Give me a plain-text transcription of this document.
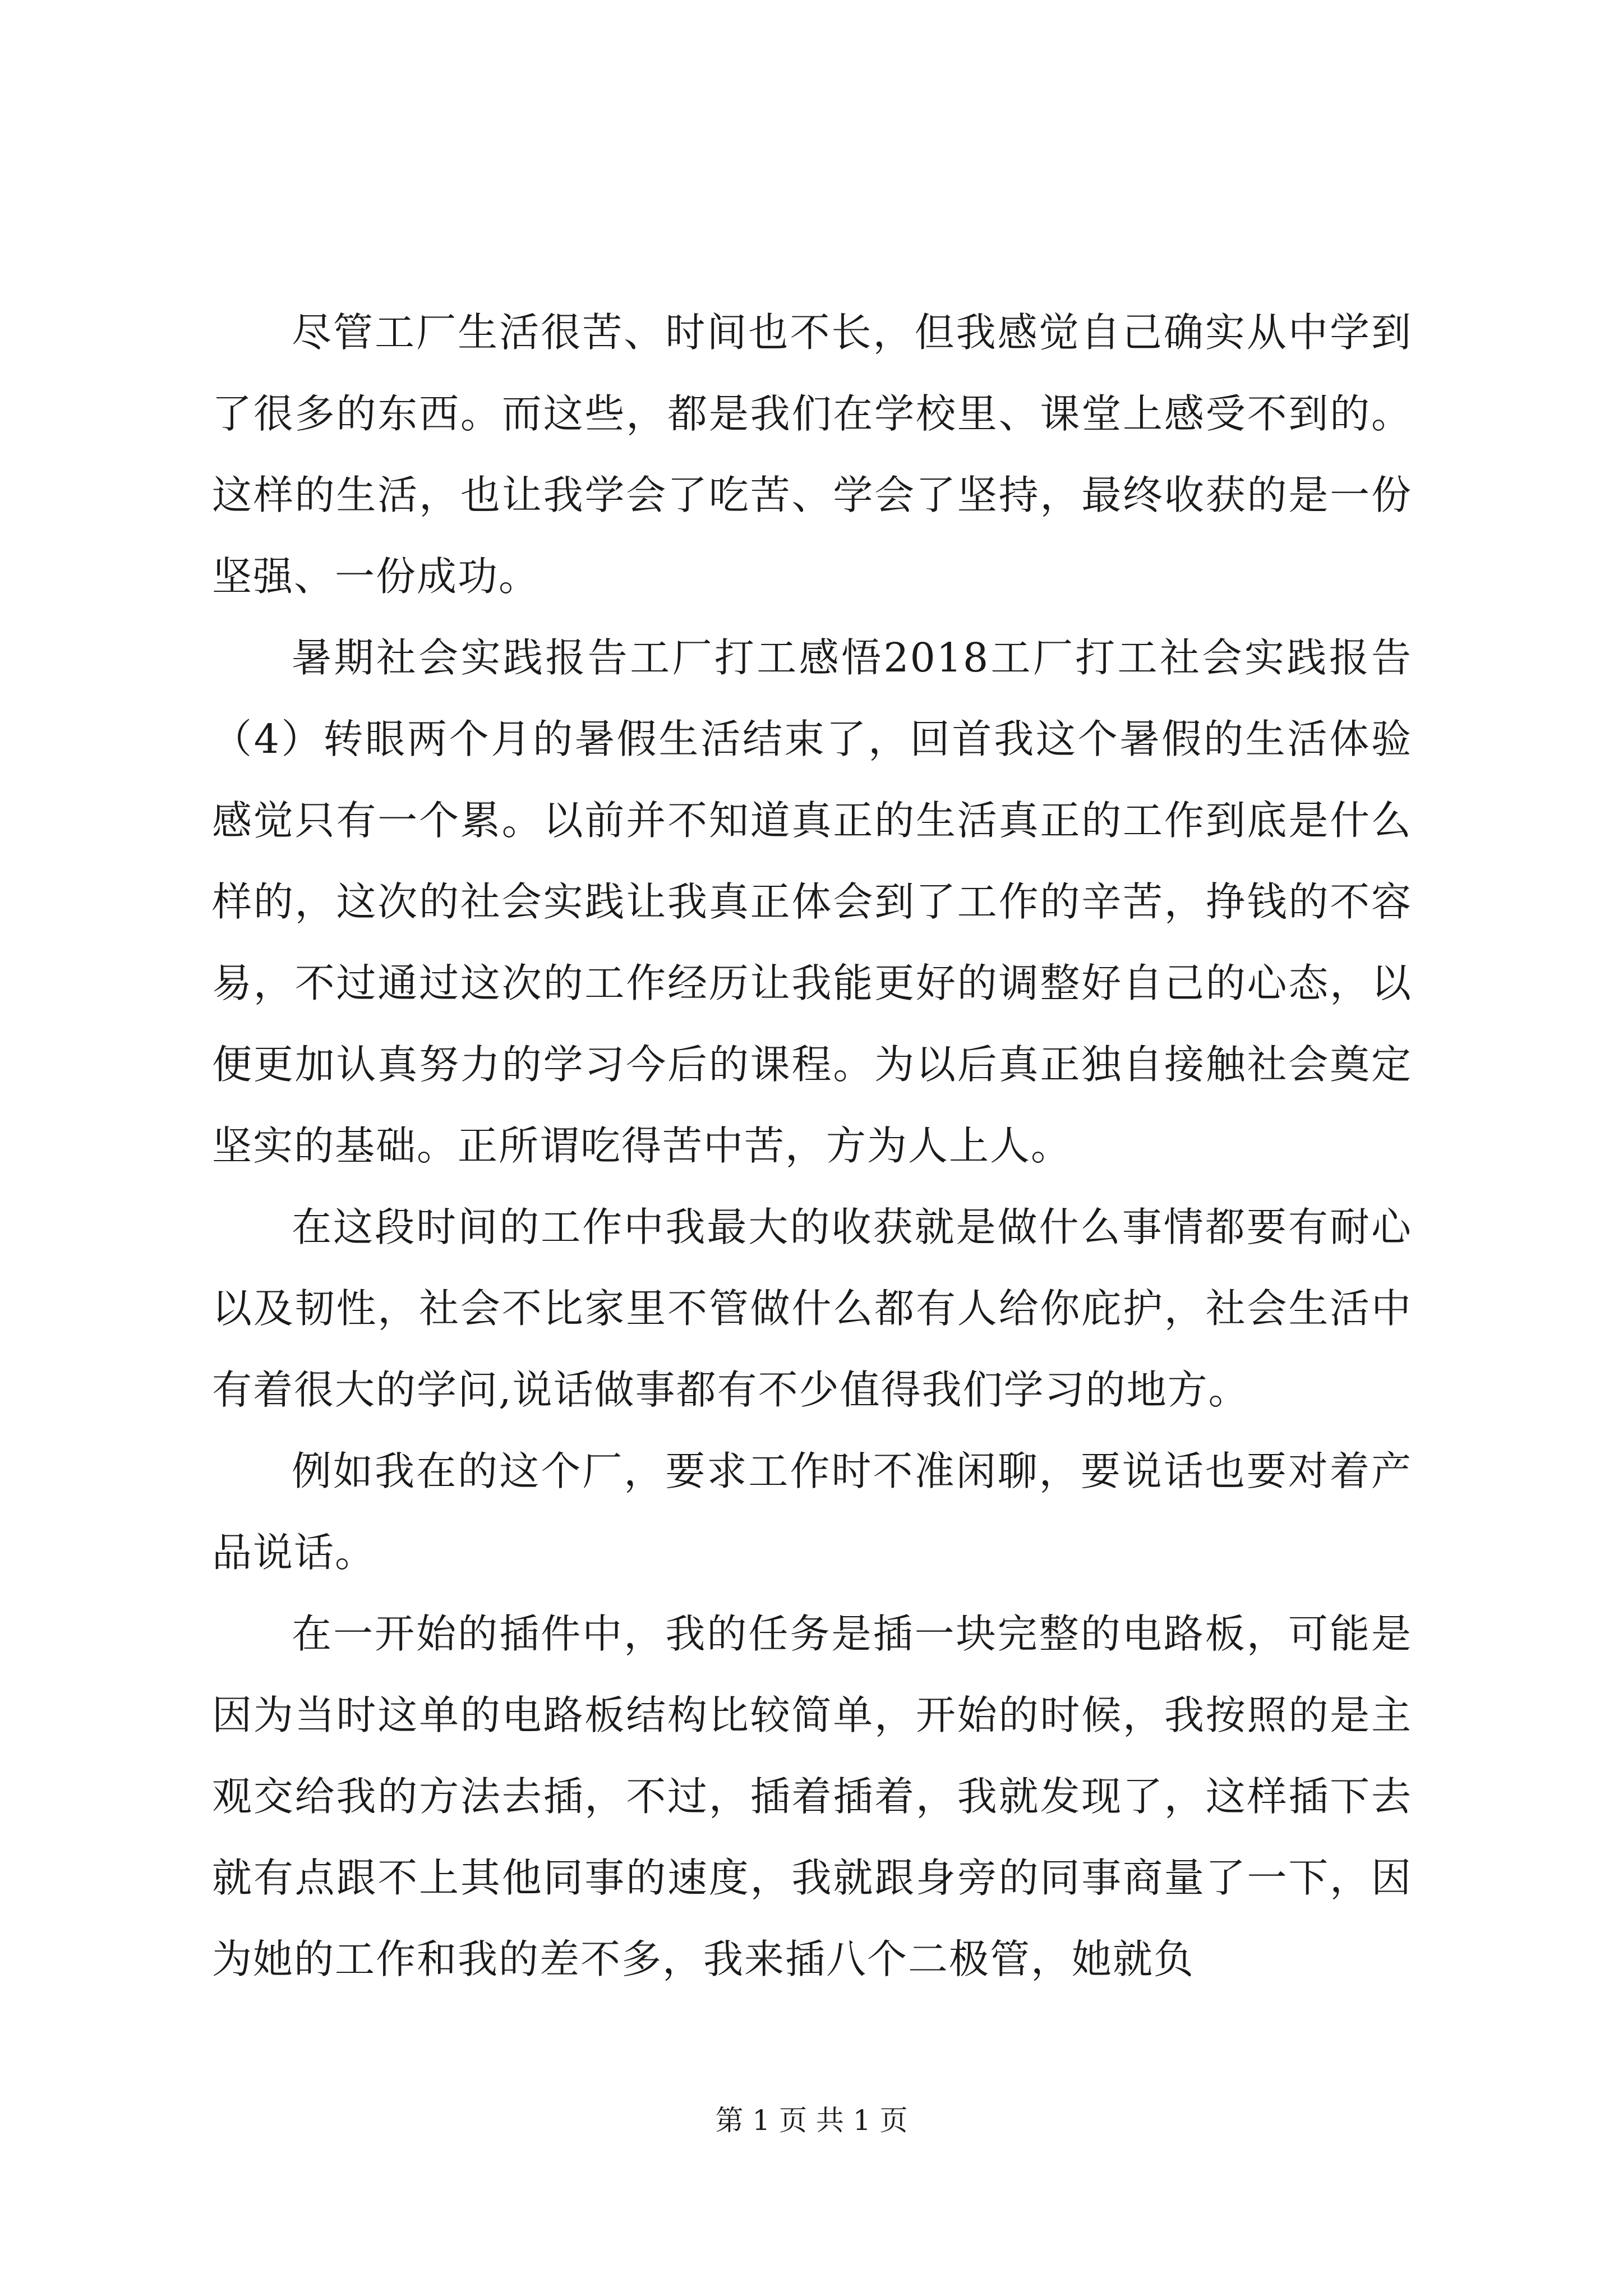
尽管工厂生活很苦、时间也不长，但我感觉自己确实从中学到了很多的东西。而这些，都是我们在学校里、课堂上感受不到的。这样的生活，也让我学会了吃苦、学会了坚持，最终收获的是一份坚强、一份成功。

暑期社会实践报告工厂打工感悟2018工厂打工社会实践报告（4）转眼两个月的暑假生活结束了，回首我这个暑假的生活体验感觉只有一个累。以前并不知道真正的生活真正的工作到底是什么样的，这次的社会实践让我真正体会到了工作的辛苦，挣钱的不容易，不过通过这次的工作经历让我能更好的调整好自己的心态，以便更加认真努力的学习今后的课程。为以后真正独自接触社会奠定坚实的基础。正所谓吃得苦中苦，方为人上人。

在这段时间的工作中我最大的收获就是做什么事情都要有耐心以及韧性，社会不比家里不管做什么都有人给你庇护，社会生活中有着很大的学问,说话做事都有不少值得我们学习的地方。

例如我在的这个厂，要求工作时不准闲聊，要说话也要对着产品说话。

在一开始的插件中，我的任务是插一块完整的电路板，可能是因为当时这单的电路板结构比较简单，开始的时候，我按照的是主观交给我的方法去插，不过，插着插着，我就发现了，这样插下去就有点跟不上其他同事的速度，我就跟身旁的同事商量了一下，因为她的工作和我的差不多，我来插八个二极管，她就负

第 1 页 共 1 页
